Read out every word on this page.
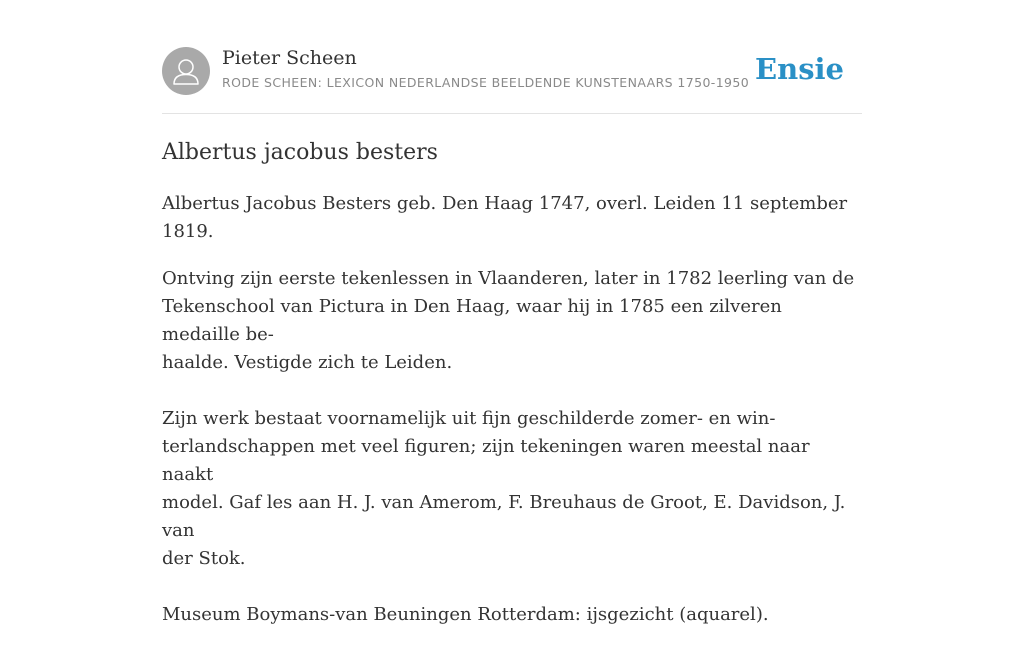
Pieter Scheen
RODE SCHEEN: LEXICON NEDERLANDSE BEELDENDE KUNSTENAARS 1750-1950 Ensie
Albertus jacobus besters

Albertus Jacobus Besters geb. Den Haag 1747, overl. Leiden 11 september 1819.

Ontving zijn eerste tekenlessen in Vlaanderen, later in 1782 leerling van de
Tekenschool van Pictura in Den Haag, waar hij in 1785 een zilveren medaille be-
haalde. Vestigde zich te Leiden.

Zijn werk bestaat voornamelijk uit fijn geschilderde zomer- en win-
terlandschappen met veel figuren; zijn tekeningen waren meestal naar naakt
model. Gaf les aan H. J. van Amerom, F. Breuhaus de Groot, E. Davidson, J. van
der Stok.

Museum Boymans-van Beuningen Rotterdam: ijsgezicht (aquarel).
